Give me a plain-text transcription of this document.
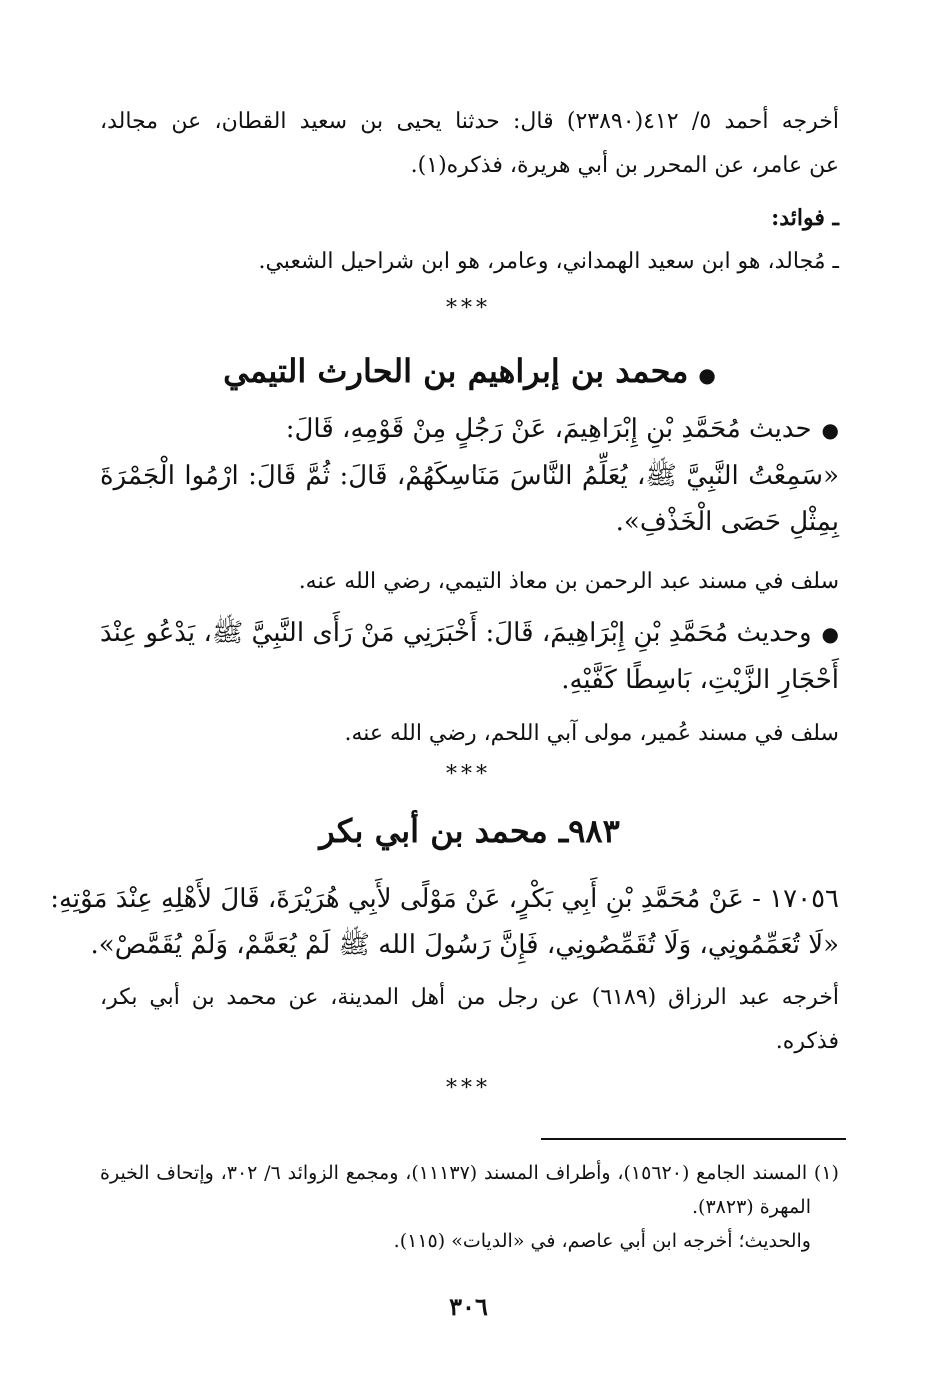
أخرجه أحمد ٥/ ٤١٢(٢٣٨٩٠) قال: حدثنا يحيى بن سعيد القطان، عن مجالد،
عن عامر، عن المحرر بن أبي هريرة، فذكره(١).
ـ فوائد:
ـ مُجالد، هو ابن سعيد الهمداني، وعامر، هو ابن شراحيل الشعبي.
***
●محمد بن إبراهيم بن الحارث التيمي
●حديث مُحَمَّدِ بْنِ إِبْرَاهِيمَ، عَنْ رَجُلٍ مِنْ قَوْمِهِ، قَالَ:
«سَمِعْتُ النَّبِيَّ ﷺ، يُعَلِّمُ النَّاسَ مَنَاسِكَهُمْ، قَالَ: ثُمَّ قَالَ: ارْمُوا الْجَمْرَةَ
بِمِثْلِ حَصَى الْخَذْفِ».
سلف في مسند عبد الرحمن بن معاذ التيمي، رضي الله عنه.
●وحديث مُحَمَّدِ بْنِ إِبْرَاهِيمَ، قَالَ: أَخْبَرَنِي مَنْ رَأَى النَّبِيَّ ﷺ، يَدْعُو عِنْدَ
أَحْجَارِ الزَّيْتِ، بَاسِطًا كَفَّيْهِ.
سلف في مسند عُمير، مولى آبي اللحم، رضي الله عنه.
***
٩٨٣ـ محمد بن أبي بكر
١٧٠٥٦ - عَنْ مُحَمَّدِ بْنِ أَبِي بَكْرٍ، عَنْ مَوْلًى لأَبِي هُرَيْرَةَ، قَالَ لأَهْلِهِ عِنْدَ مَوْتِهِ:
«لَا تُعَمِّمُونِي، وَلَا تُقَمِّصُونِي، فَإِنَّ رَسُولَ الله ﷺ لَمْ يُعَمَّمْ، وَلَمْ يُقَمَّصْ».
أخرجه عبد الرزاق (٦١٨٩) عن رجل من أهل المدينة، عن محمد بن أبي بكر،
فذكره.
***
(١) المسند الجامع (١٥٦٢٠)، وأطراف المسند (١١١٣٧)، ومجمع الزوائد ٦/ ٣٠٢، وإتحاف الخيرة
المهرة (٣٨٢٣).
والحديث؛ أخرجه ابن أبي عاصم، في «الديات» (١١٥).
٣٠٦
